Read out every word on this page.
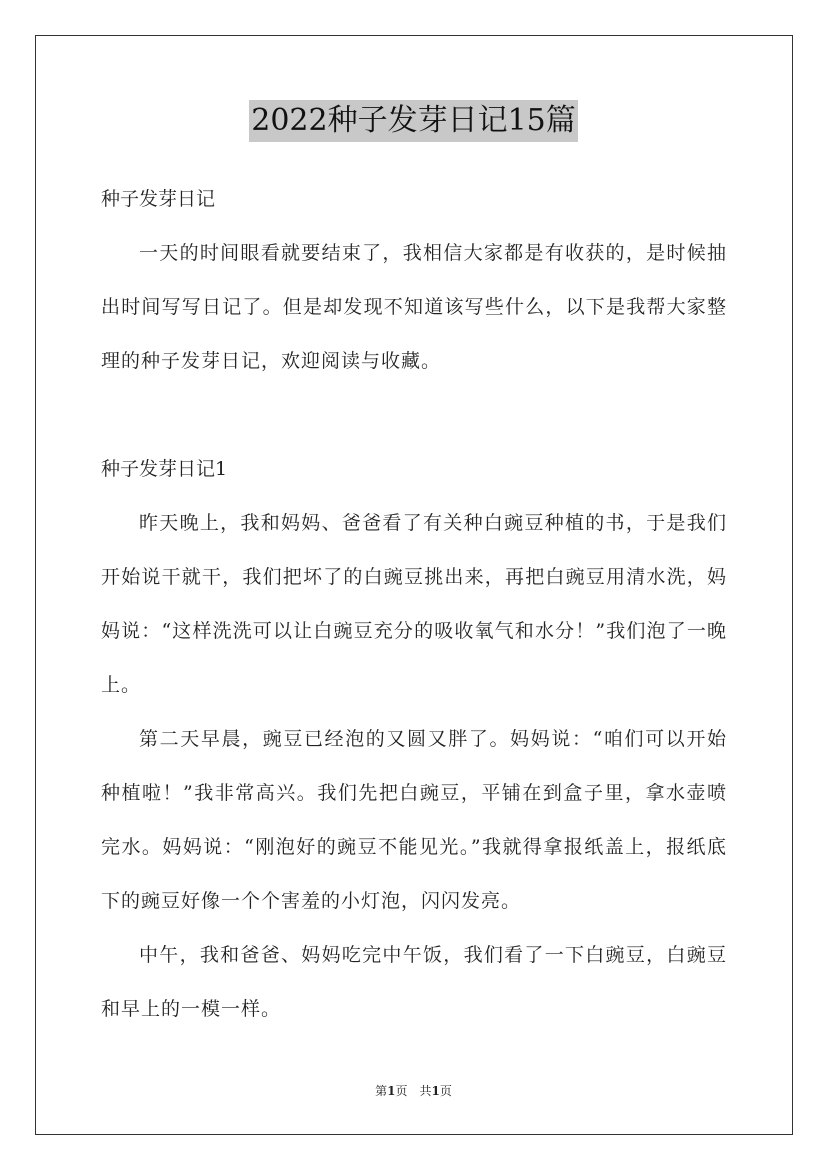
2022种子发芽日记15篇

种子发芽日记

一天的时间眼看就要结束了，我相信大家都是有收获的，是时候抽出时间写写日记了。但是却发现不知道该写些什么，以下是我帮大家整理的种子发芽日记，欢迎阅读与收藏。

种子发芽日记1

昨天晚上，我和妈妈、爸爸看了有关种白豌豆种植的书，于是我们开始说干就干，我们把坏了的白豌豆挑出来，再把白豌豆用清水洗，妈妈说：“这样洗洗可以让白豌豆充分的吸收氧气和水分！”我们泡了一晚上。

第二天早晨，豌豆已经泡的又圆又胖了。妈妈说：“咱们可以开始种植啦！”我非常高兴。我们先把白豌豆，平铺在到盒子里，拿水壶喷完水。妈妈说：“刚泡好的豌豆不能见光。”我就得拿报纸盖上，报纸底下的豌豆好像一个个害羞的小灯泡，闪闪发亮。

中午，我和爸爸、妈妈吃完中午饭，我们看了一下白豌豆，白豌豆和早上的一模一样。

第1页　共1页
